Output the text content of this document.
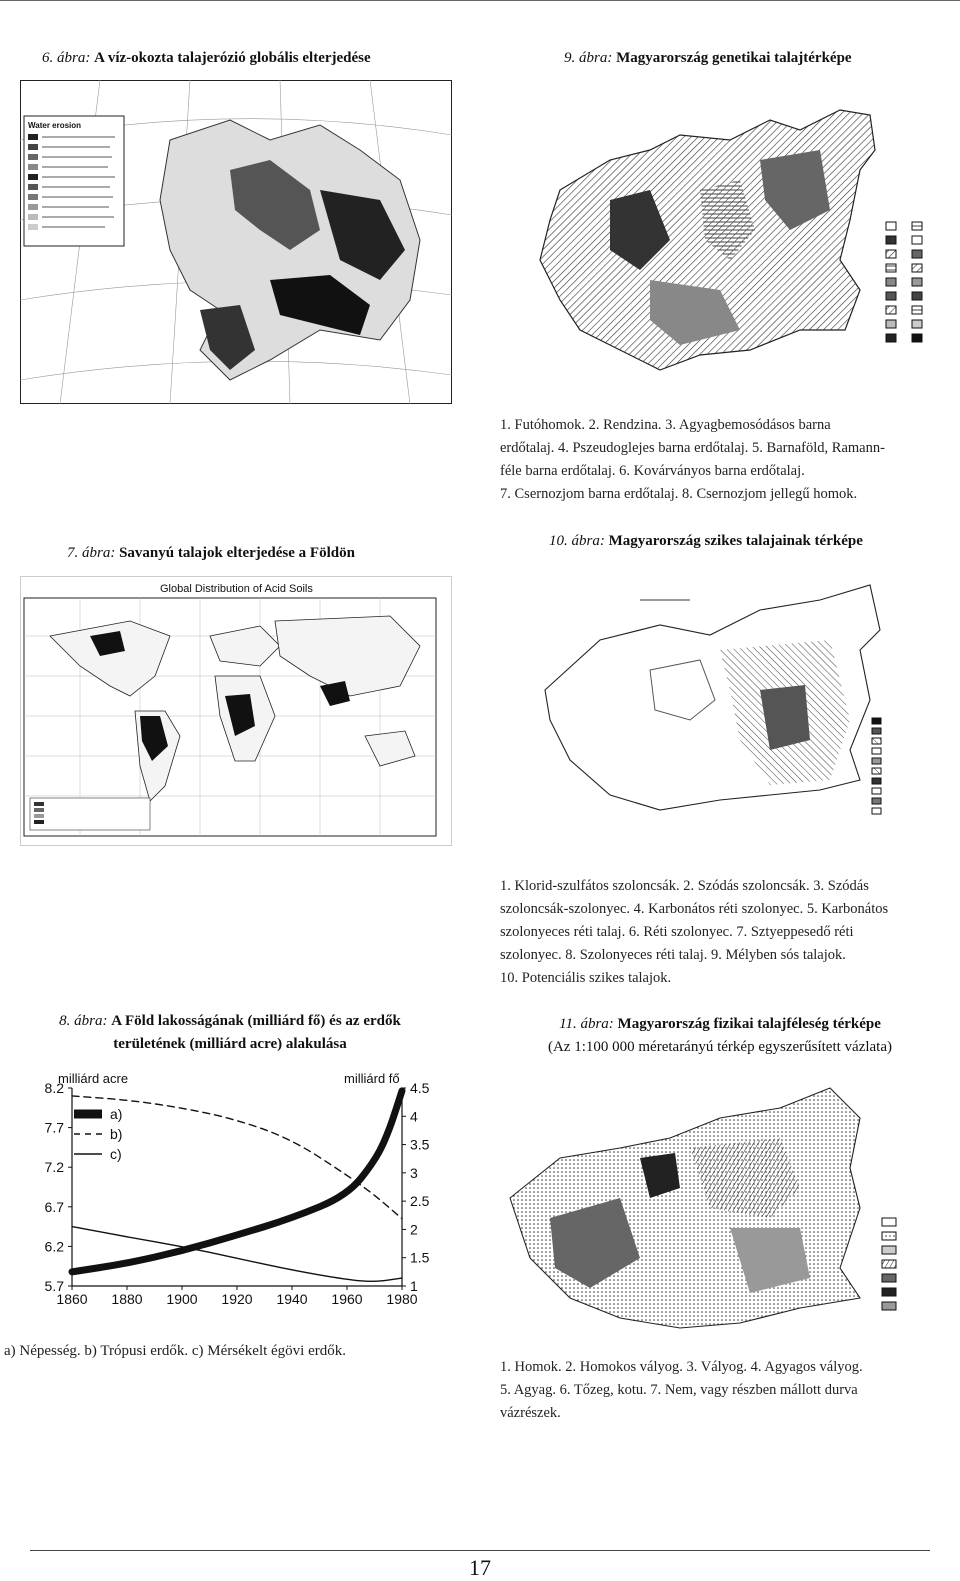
6. ábra: A víz-okozta talajerózió globális elterjedése	9. ábra: Magyarország genetikai talajtérképe
Water erosion
1. Futóhomok. 2. Rendzina. 3. Agyagbemosódásos barna
erdőtalaj. 4. Pszeudoglejes barna erdőtalaj. 5. Barnaföld, Ramann-
féle barna erdőtalaj. 6. Kovárványos barna erdőtalaj.
7. Csernozjom barna erdőtalaj. 8. Csernozjom jellegű homok.
7. ábra: Savanyú talajok elterjedése a Földön
10. ábra: Magyarország szikes talajainak térképe
Global Distribution of Acid Soils
1. Klorid-szulfátos szoloncsák. 2. Szódás szoloncsák. 3. Szódás
szoloncsák-szolonyec. 4. Karbonátos réti szolonyec. 5. Karbonátos
szolonyeces réti talaj. 6. Réti szolonyec. 7. Sztyeppesedő réti
szolonyec. 8. Szolonyeces réti talaj. 9. Mélyben sós talajok.
10. Potenciális szikes talajok.
8. ábra: A Föld lakosságának (milliárd fő) és az erdők
területének (milliárd acre) alakulása
11. ábra: Magyarország fizikai talajféleség térképe
(Az 1:100 000 méretarányú térkép egyszerűsített vázlata)
milliárd acre	milliárd fő
1860 1880 1900 1920 1940 1960 1980
8.2
7.7
7.2
6.7
6.2
5.7
4.5
4
3.5
3
2.5
2
1.5
1
a)
b)
c)
a) Népesség. b) Trópusi erdők. c) Mérsékelt égövi erdők.
1. Homok. 2. Homokos vályog. 3. Vályog. 4. Agyagos vályog.
5. Agyag. 6. Tőzeg, kotu. 7. Nem, vagy részben mállott durva
vázrészek.
17
